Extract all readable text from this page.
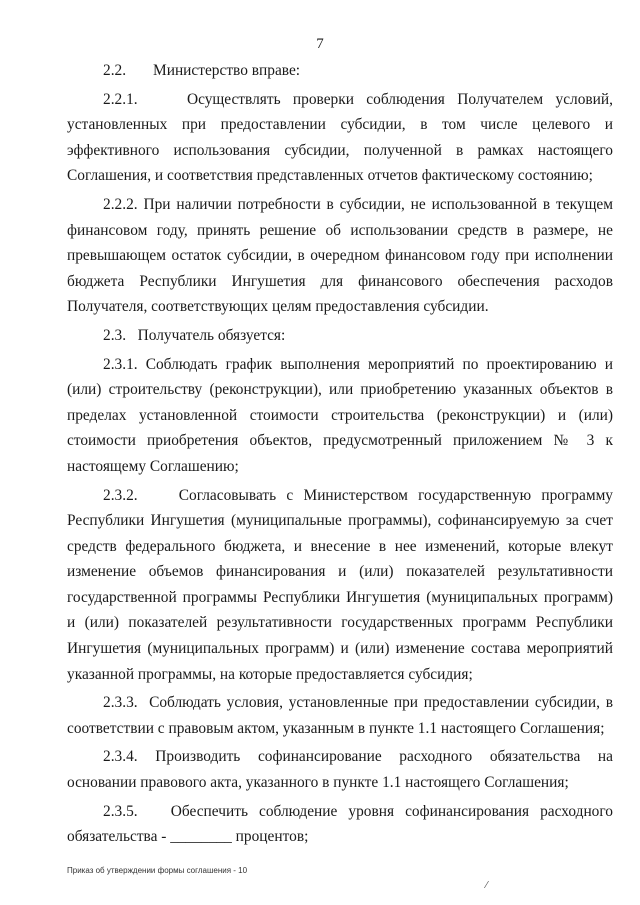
7

2.2.       Министерство вправе:

2.2.1.    Осуществлять проверки соблюдения Получателем условий, установленных при предоставлении субсидии, в том числе целевого и эффективного использования субсидии, полученной в рамках настоящего Соглашения, и соответствия представленных отчетов фактическому состоянию;

2.2.2. При наличии потребности в субсидии, не использованной в текущем финансовом году, принять решение об использовании средств в размере, не превышающем остаток субсидии, в очередном финансовом году при исполнении бюджета Республики Ингушетия для финансового обеспечения расходов Получателя, соответствующих целям предоставления субсидии.

2.3.   Получатель обязуется:

2.3.1. Соблюдать график выполнения мероприятий по проектированию и (или) строительству (реконструкции), или приобретению указанных объектов в пределах установленной стоимости строительства (реконструкции) и (или) стоимости приобретения объектов, предусмотренный приложением № 3 к настоящему Соглашению;

2.3.2.    Согласовывать с Министерством государственную программу Республики Ингушетия (муниципальные программы), софинансируемую за счет средств федерального бюджета, и внесение в нее изменений, которые влекут изменение объемов финансирования и (или) показателей результативности государственной программы Республики Ингушетия (муниципальных программ) и (или) показателей результативности государственных программ Республики Ингушетия (муниципальных программ) и (или) изменение состава мероприятий указанной программы, на которые предоставляется субсидия;

2.3.3.  Соблюдать условия, установленные при предоставлении субсидии, в соответствии с правовым актом, указанным в пункте 1.1 настоящего Соглашения;

2.3.4. Производить софинансирование расходного обязательства на основании правового акта, указанного в пункте 1.1 настоящего Соглашения;

2.3.5.   Обеспечить соблюдение уровня софинансирования расходного обязательства - ________ процентов;

Приказ об утверждении формы соглашения - 10
⁄
